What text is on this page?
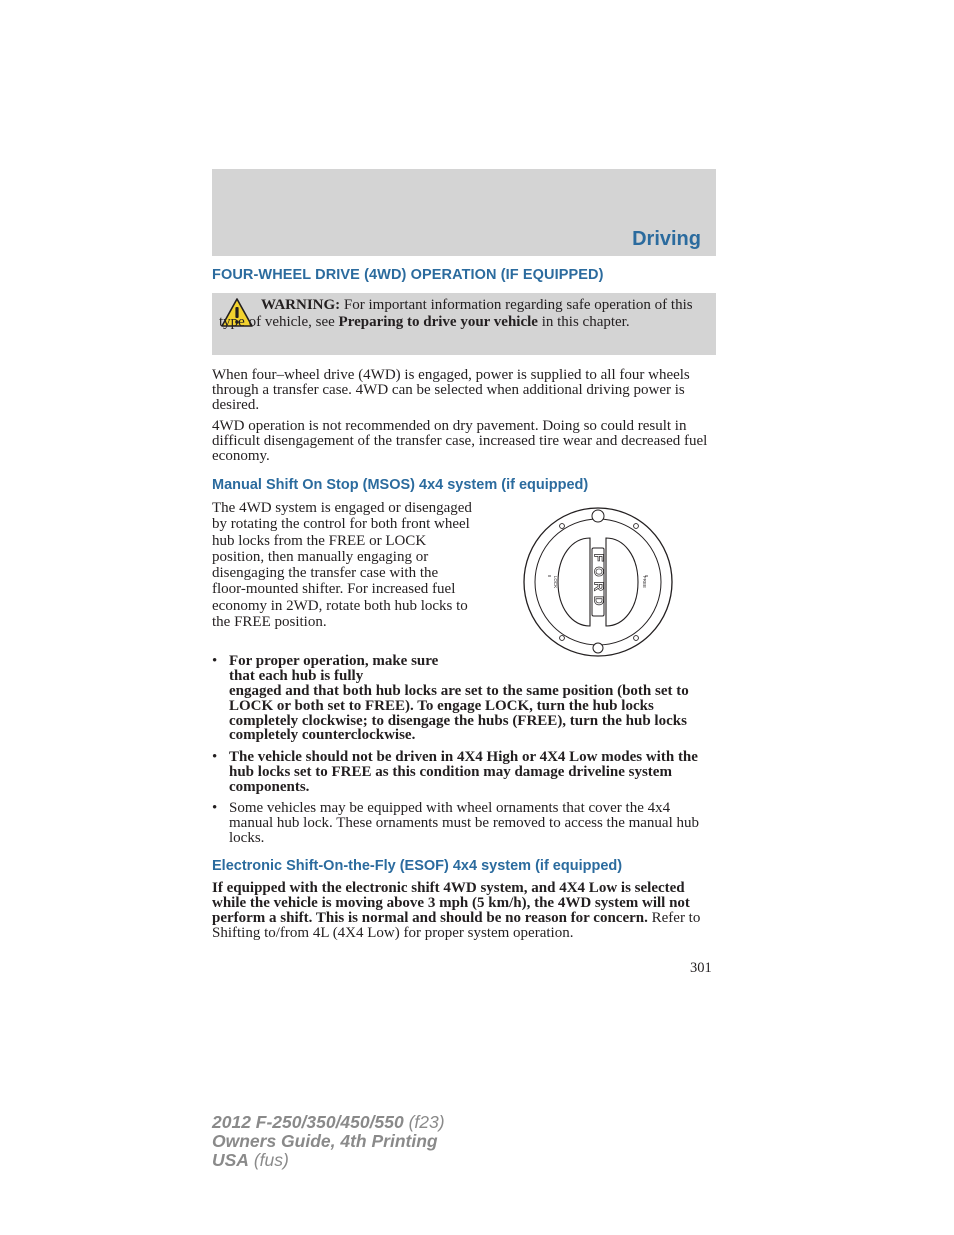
Driving
FOUR-WHEEL DRIVE (4WD) OPERATION (IF EQUIPPED)
WARNING: For important information regarding safe operation of this type of vehicle, see Preparing to drive your vehicle in this chapter.

When four–wheel drive (4WD) is engaged, power is supplied to all four wheels through a transfer case. 4WD can be selected when additional driving power is desired.

4WD operation is not recommended on dry pavement. Doing so could result in difficult disengagement of the transfer case, increased tire wear and decreased fuel economy.

Manual Shift On Stop (MSOS) 4x4 system (if equipped)

The 4WD system is engaged or disengaged by rotating the control for both front wheel hub locks from the FREE or LOCK position, then manually engaging or disengaging the transfer case with the floor-mounted shifter. For increased fuel economy in 2WD, rotate both hub locks to the FREE position.

FORD
LOCK	FREE
• For proper operation, make sure that each hub is fully
engaged and that both hub locks are set to the same position (both set to LOCK or both set to FREE). To engage LOCK, turn the hub locks completely clockwise; to disengage the hubs (FREE), turn the hub locks completely counterclockwise.
• The vehicle should not be driven in 4X4 High or 4X4 Low modes with the hub locks set to FREE as this condition may damage driveline system components.
• Some vehicles may be equipped with wheel ornaments that cover the 4x4 manual hub lock. These ornaments must be removed to access the manual hub locks.
Electronic Shift-On-the-Fly (ESOF) 4x4 system (if equipped)

If equipped with the electronic shift 4WD system, and 4X4 Low is selected while the vehicle is moving above 3 mph (5 km/h), the 4WD system will not perform a shift. This is normal and should be no reason for concern. Refer to Shifting to/from 4L (4X4 Low) for proper system operation.

301
2012 F-250/350/450/550 (f23)
Owners Guide, 4th Printing
USA (fus)
